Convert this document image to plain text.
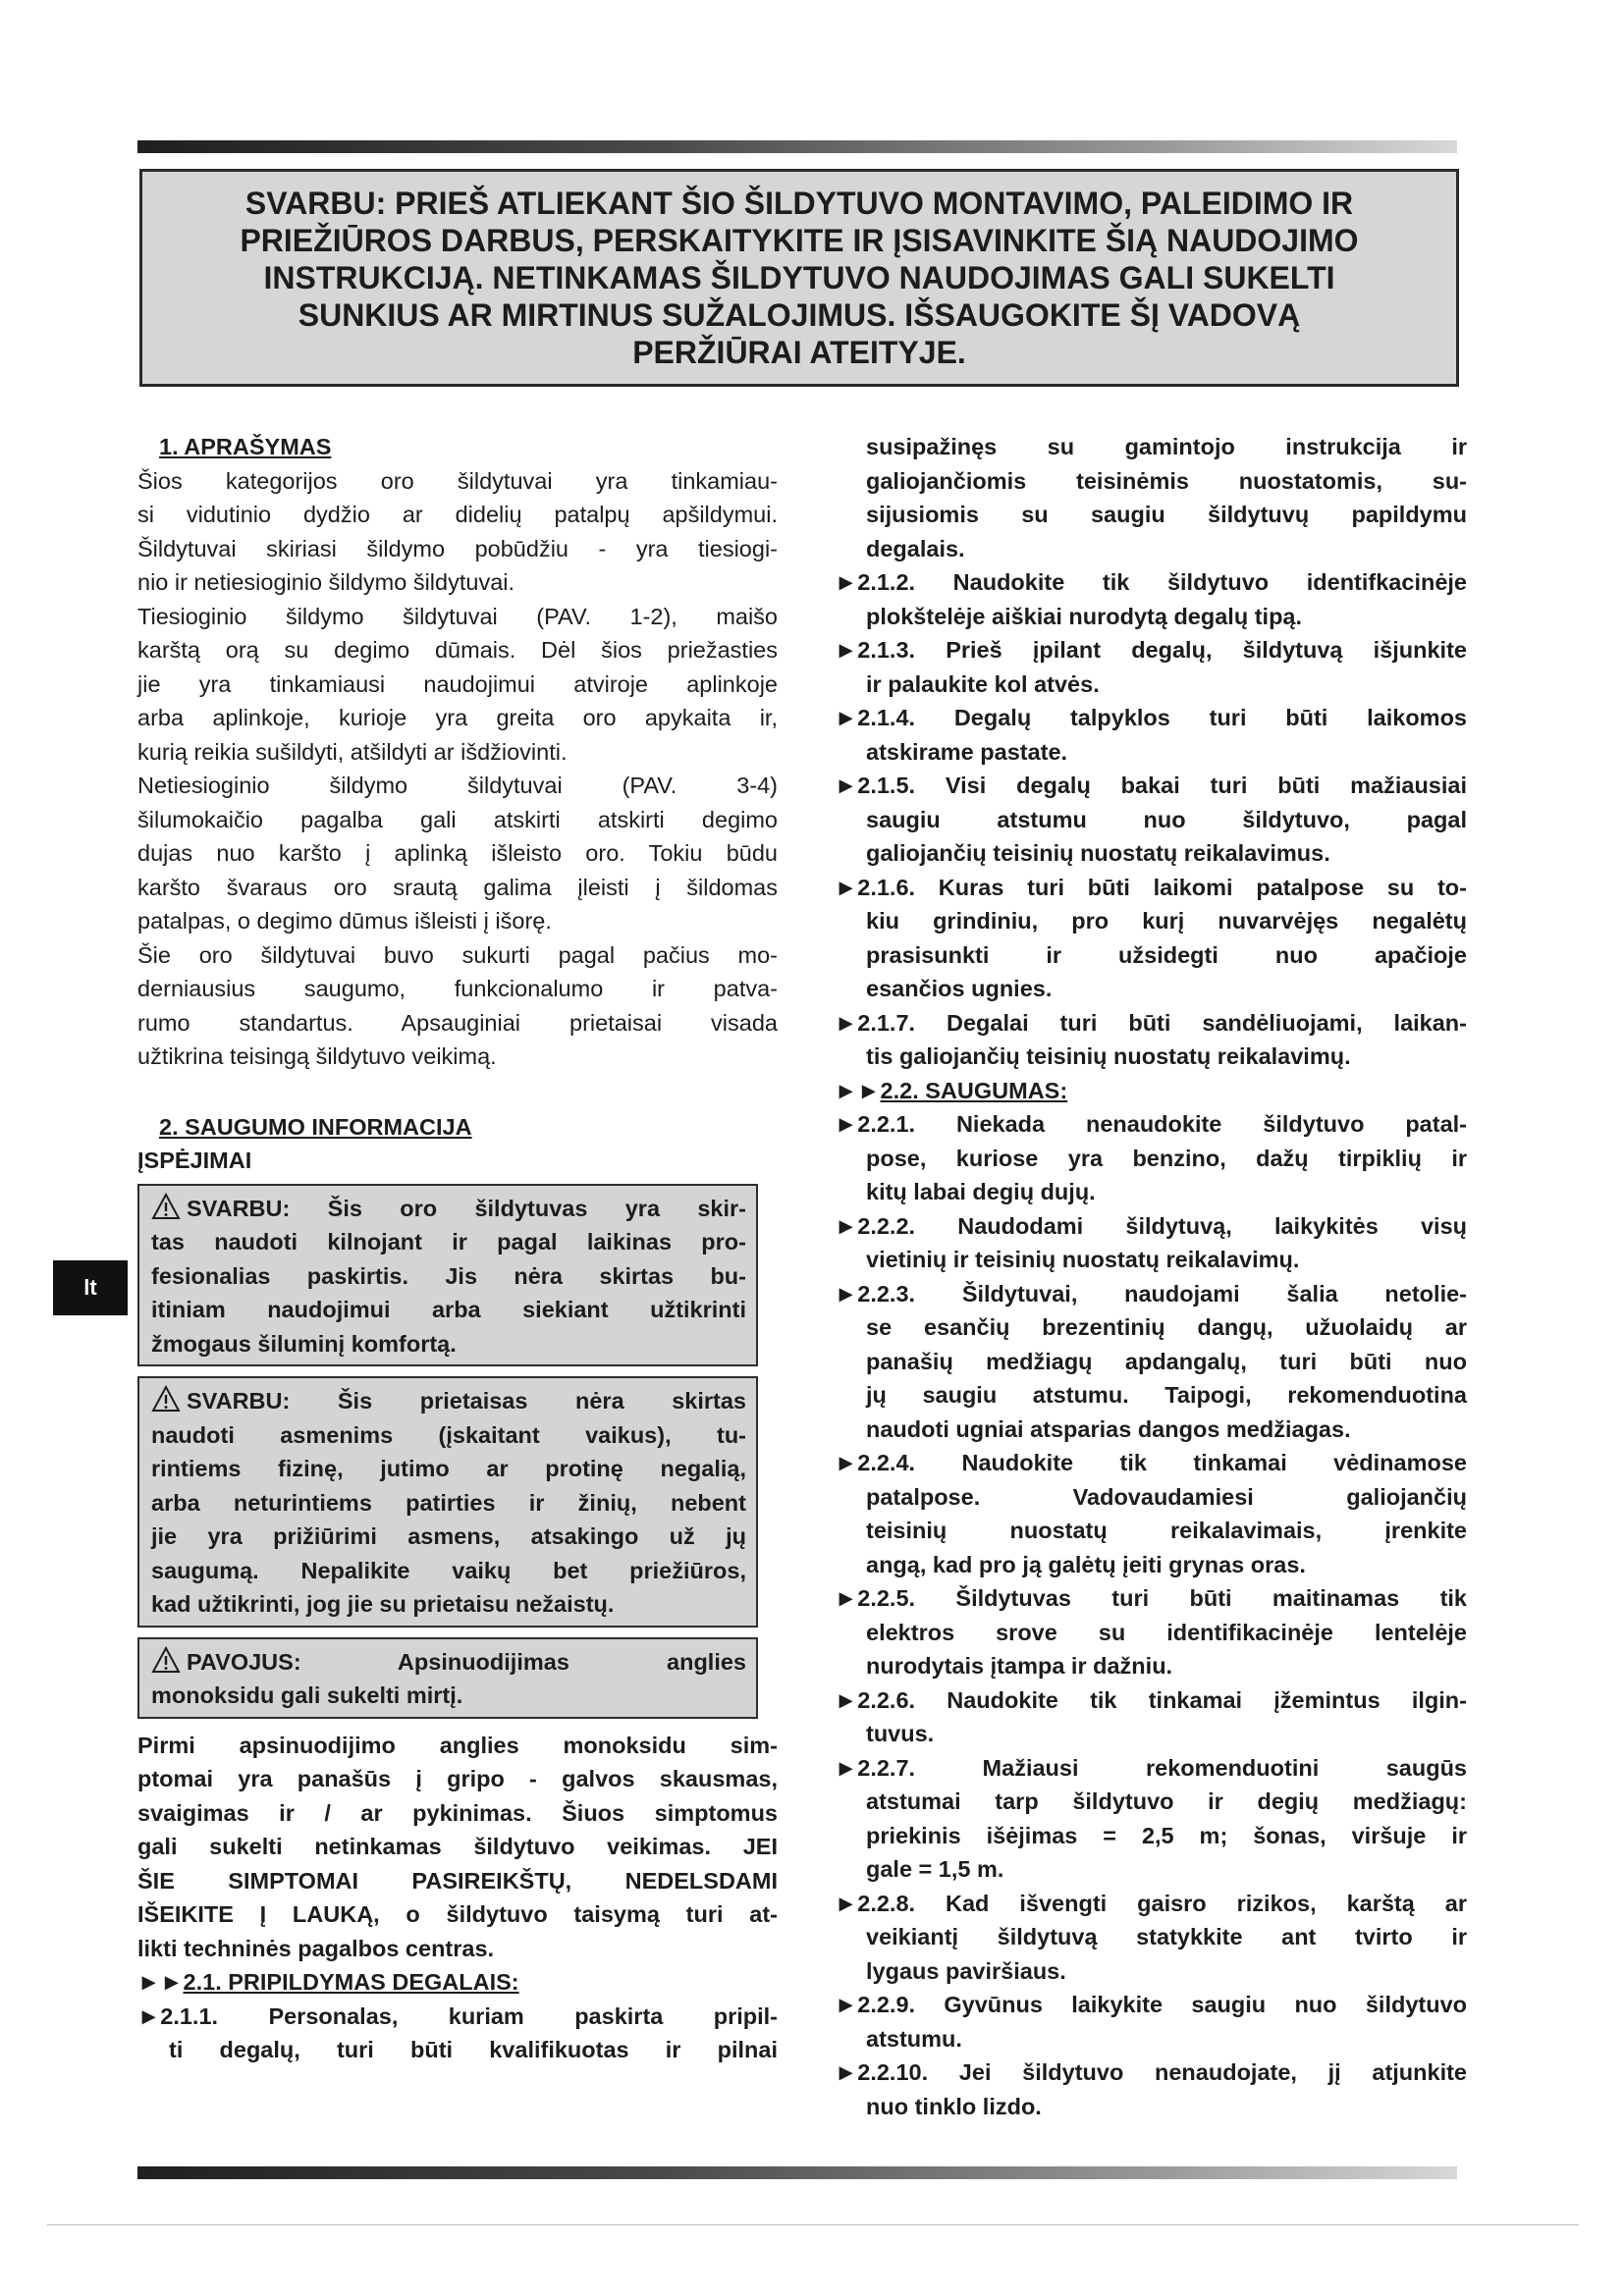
SVARBU: PRIEŠ ATLIEKANT ŠIO ŠILDYTUVO MONTAVIMO, PALEIDIMO IR
PRIEŽIŪROS DARBUS, PERSKAITYKITE IR ĮSISAVINKITE ŠIĄ NAUDOJIMO
INSTRUKCIJĄ. NETINKAMAS ŠILDYTUVO NAUDOJIMAS GALI SUKELTI
SUNKIUS AR MIRTINUS SUŽALOJIMUS. IŠSAUGOKITE ŠĮ VADOVĄ
PERŽIŪRAI ATEITYJE.
lt
1. APRAŠYMAS
Šios kategorijos oro šildytuvai yra tinkamiau-
si vidutinio dydžio ar didelių patalpų apšildymui.
Šildytuvai skiriasi šildymo pobūdžiu - yra tiesiogi-
nio ir netiesioginio šildymo šildytuvai.
Tiesioginio šildymo šildytuvai (PAV. 1-2), maišo
karštą orą su degimo dūmais. Dėl šios priežasties
jie yra tinkamiausi naudojimui atviroje aplinkoje
arba aplinkoje, kurioje yra greita oro apykaita ir,
kurią reikia sušildyti, atšildyti ar išdžiovinti.
Netiesioginio šildymo šildytuvai (PAV. 3-4)
šilumokaičio pagalba gali atskirti atskirti degimo
dujas nuo karšto į aplinką išleisto oro. Tokiu būdu
karšto švaraus oro srautą galima įleisti į šildomas
patalpas, o degimo dūmus išleisti į išorę.
Šie oro šildytuvai buvo sukurti pagal pačius mo-
derniausius saugumo, funkcionalumo ir patva-
rumo standartus. Apsauginiai prietaisai visada
užtikrina teisingą šildytuvo veikimą.
2. SAUGUMO INFORMACIJA
ĮSPĖJIMAI
SVARBU: Šis oro šildytuvas yra skir-
tas naudoti kilnojant ir pagal laikinas pro-
fesionalias paskirtis. Jis nėra skirtas bu-
itiniam naudojimui arba siekiant užtikrinti
žmogaus šiluminį komfortą.
SVARBU: Šis prietaisas nėra skirtas
naudoti asmenims (įskaitant vaikus), tu-
rintiems fizinę, jutimo ar protinę negalią,
arba neturintiems patirties ir žinių, nebent
jie yra prižiūrimi asmens, atsakingo už jų
saugumą. Nepalikite vaikų bet priežiūros,
kad užtikrinti, jog jie su prietaisu nežaistų.
PAVOJUS: Apsinuodijimas anglies
monoksidu gali sukelti mirtį.
Pirmi apsinuodijimo anglies monoksidu sim-
ptomai yra panašūs į gripo - galvos skausmas,
svaigimas ir / ar pykinimas. Šiuos simptomus
gali sukelti netinkamas šildytuvo veikimas. JEI
ŠIE SIMPTOMAI PASIREIKŠTŲ, NEDELSDAMI
IŠEIKITE Į LAUKĄ, o šildytuvo taisymą turi at-
likti techninės pagalbos centras.
►►2.1. PRIPILDYMAS DEGALAIS:
►2.1.1. Personalas, kuriam paskirta pripil-
ti degalų, turi būti kvalifikuotas ir pilnai
susipažinęs su gamintojo instrukcija ir
galiojančiomis teisinėmis nuostatomis, su-
sijusiomis su saugiu šildytuvų papildymu
degalais.
►2.1.2. Naudokite tik šildytuvo identifkacinėje
plokštelėje aiškiai nurodytą degalų tipą.
►2.1.3. Prieš įpilant degalų, šildytuvą išjunkite
ir palaukite kol atvės.
►2.1.4. Degalų talpyklos turi būti laikomos
atskirame pastate.
►2.1.5. Visi degalų bakai turi būti mažiausiai
saugiu atstumu nuo šildytuvo, pagal
galiojančių teisinių nuostatų reikalavimus.
►2.1.6. Kuras turi būti laikomi patalpose su to-
kiu grindiniu, pro kurį nuvarvėjęs negalėtų
prasisunkti ir užsidegti nuo apačioje
esančios ugnies.
►2.1.7. Degalai turi būti sandėliuojami, laikan-
tis galiojančių teisinių nuostatų reikalavimų.
►►2.2. SAUGUMAS:
►2.2.1. Niekada nenaudokite šildytuvo patal-
pose, kuriose yra benzino, dažų tirpiklių ir
kitų labai degių dujų.
►2.2.2. Naudodami šildytuvą, laikykitės visų
vietinių ir teisinių nuostatų reikalavimų.
►2.2.3. Šildytuvai, naudojami šalia netolie-
se esančių brezentinių dangų, užuolaidų ar
panašių medžiagų apdangalų, turi būti nuo
jų saugiu atstumu. Taipogi, rekomenduotina
naudoti ugniai atsparias dangos medžiagas.
►2.2.4. Naudokite tik tinkamai vėdinamose
patalpose. Vadovaudamiesi galiojančių
teisinių nuostatų reikalavimais, įrenkite
angą, kad pro ją galėtų įeiti grynas oras.
►2.2.5. Šildytuvas turi būti maitinamas tik
elektros srove su identifikacinėje lentelėje
nurodytais įtampa ir dažniu.
►2.2.6. Naudokite tik tinkamai įžemintus ilgin-
tuvus.
►2.2.7. Mažiausi rekomenduotini saugūs
atstumai tarp šildytuvo ir degių medžiagų:
priekinis išėjimas = 2,5 m; šonas, viršuje ir
gale = 1,5 m.
►2.2.8. Kad išvengti gaisro rizikos, karštą ar
veikiantį šildytuvą statykkite ant tvirto ir
lygaus paviršiaus.
►2.2.9. Gyvūnus laikykite saugiu nuo šildytuvo
atstumu.
►2.2.10. Jei šildytuvo nenaudojate, jį atjunkite
nuo tinklo lizdo.
